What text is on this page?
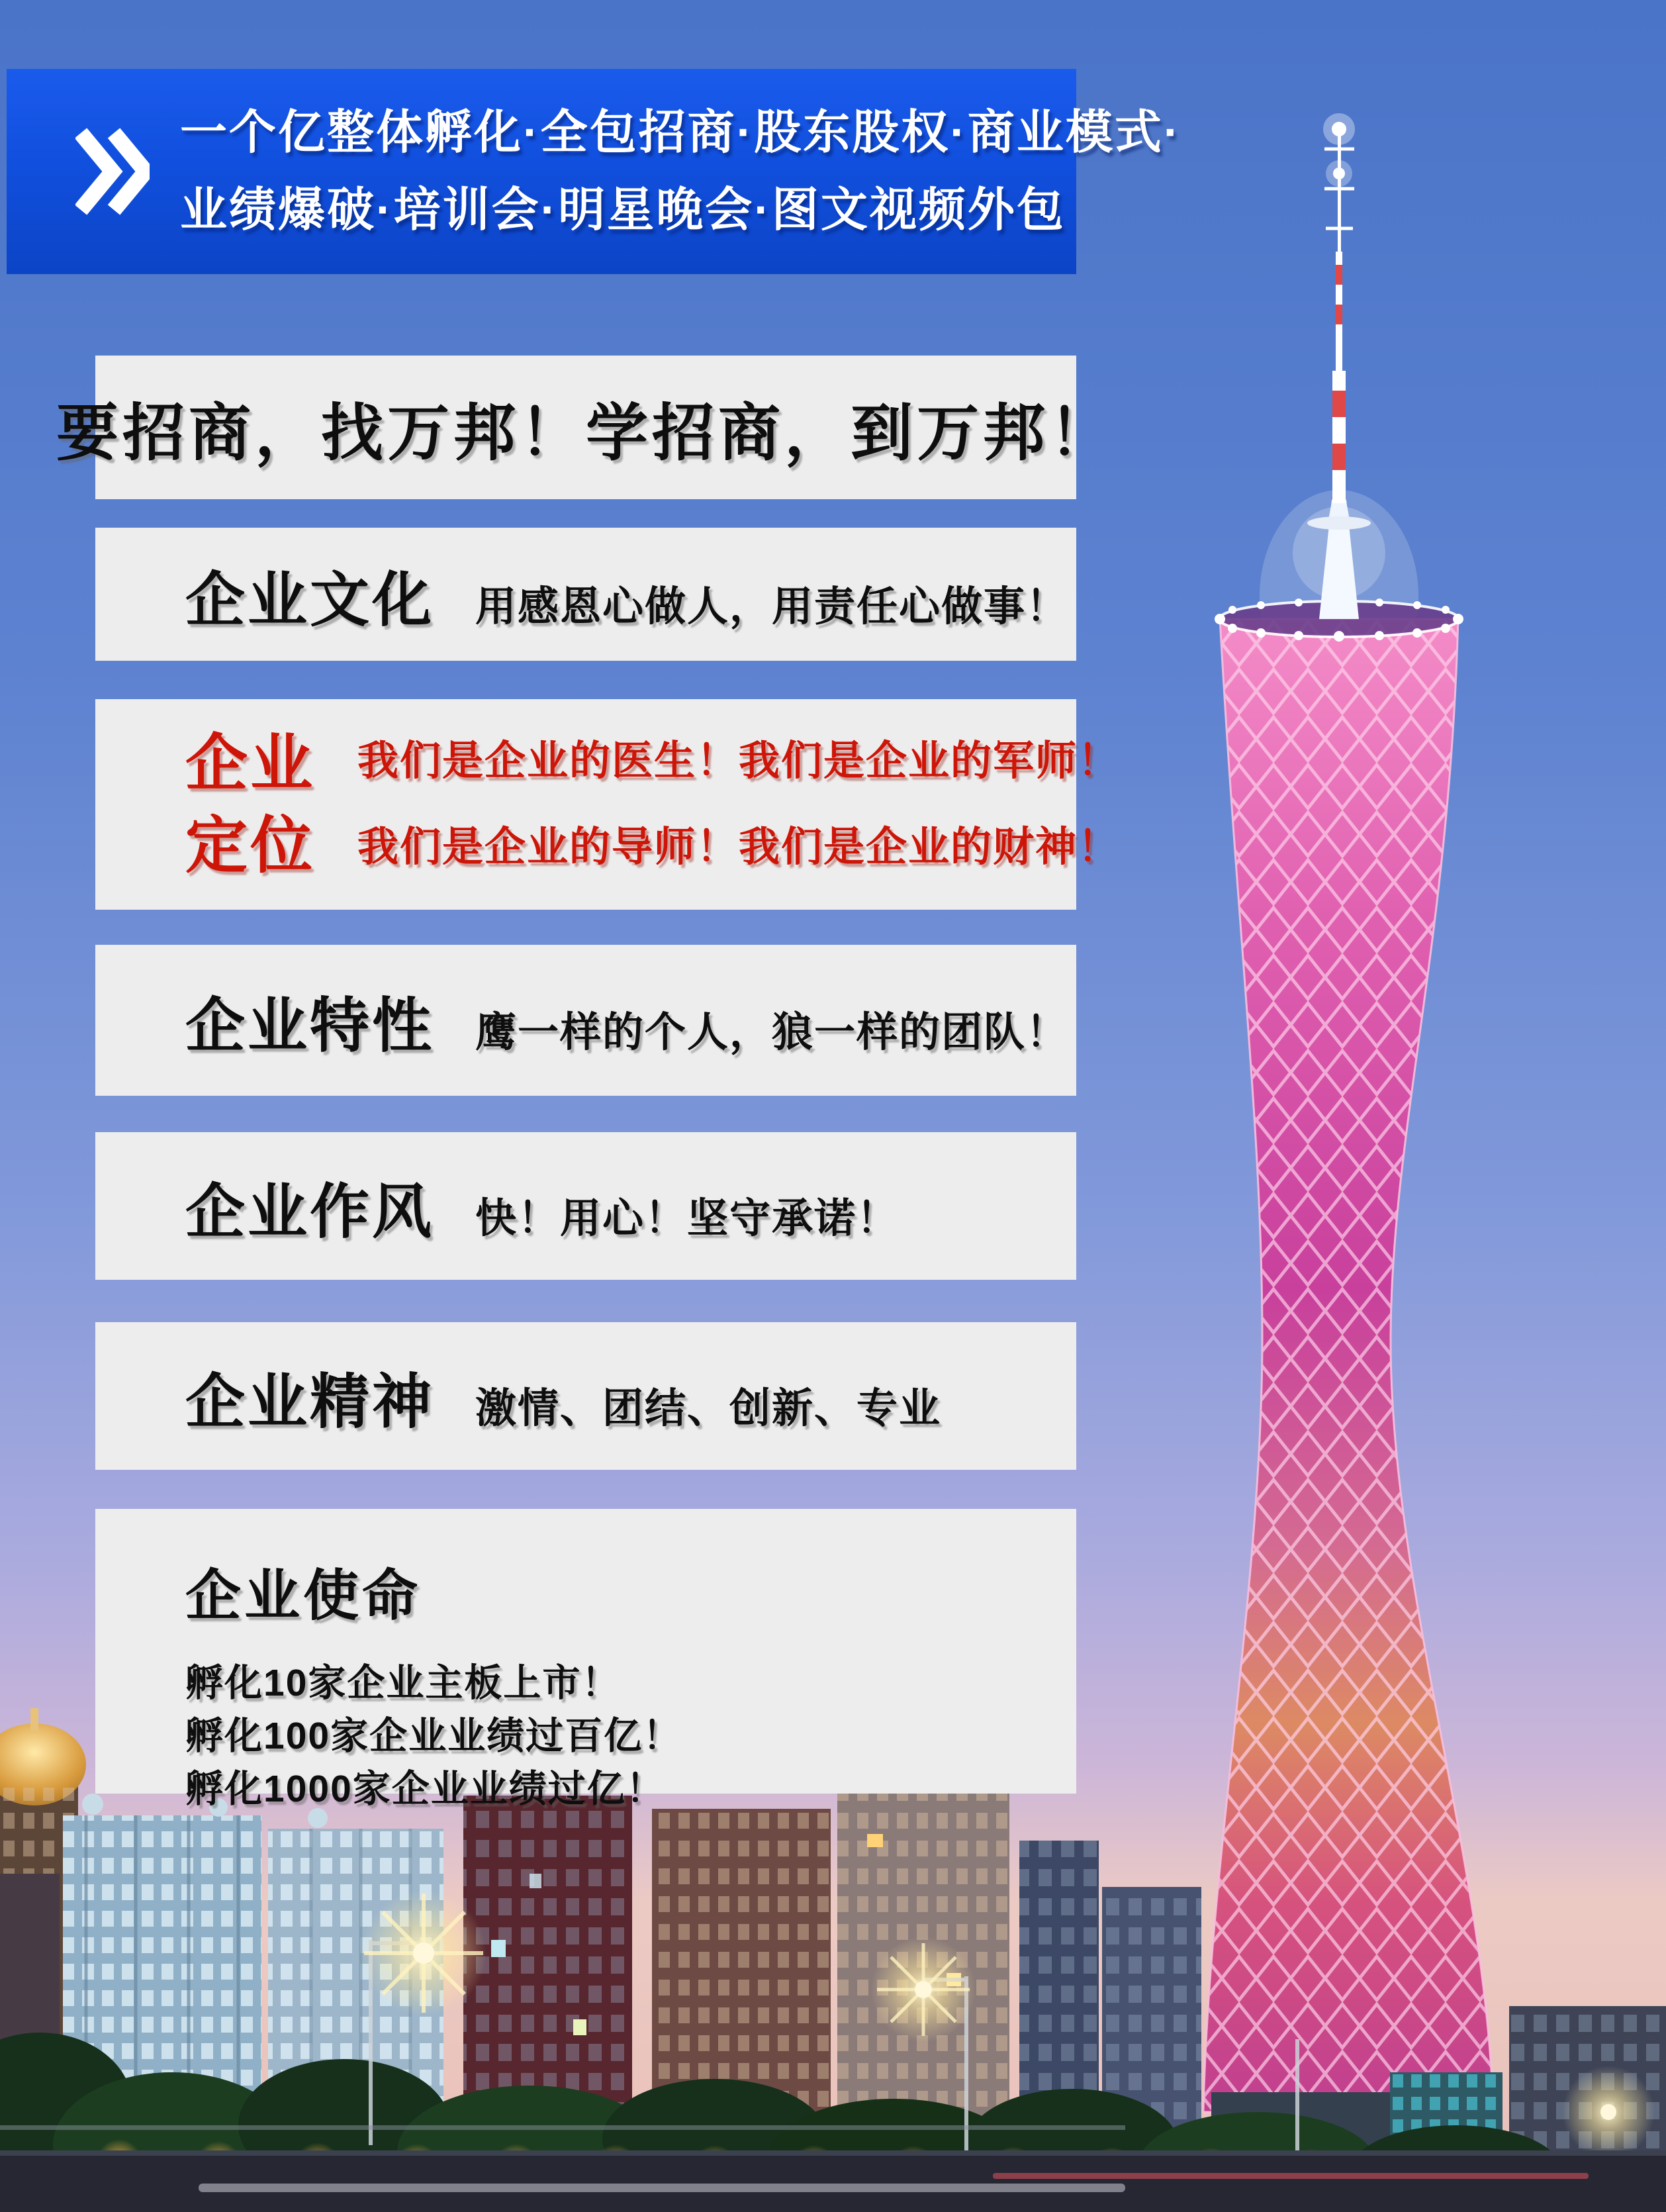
一个亿整体孵化·全包招商·股东股权·商业模式·
业绩爆破·培训会·明星晚会·图文视频外包
要招商，找万邦！学招商，到万邦！
企业文化 用感恩心做人，用责任心做事！
企业
定位
我们是企业的医生！我们是企业的军师！
我们是企业的导师！我们是企业的财神！
企业特性 鹰一样的个人，狼一样的团队！
企业作风 快！用心！坚守承诺！
企业精神 激情、团结、创新、专业
企业使命
孵化10家企业主板上市！
孵化100家企业业绩过百亿！
孵化1000家企业业绩过亿！
